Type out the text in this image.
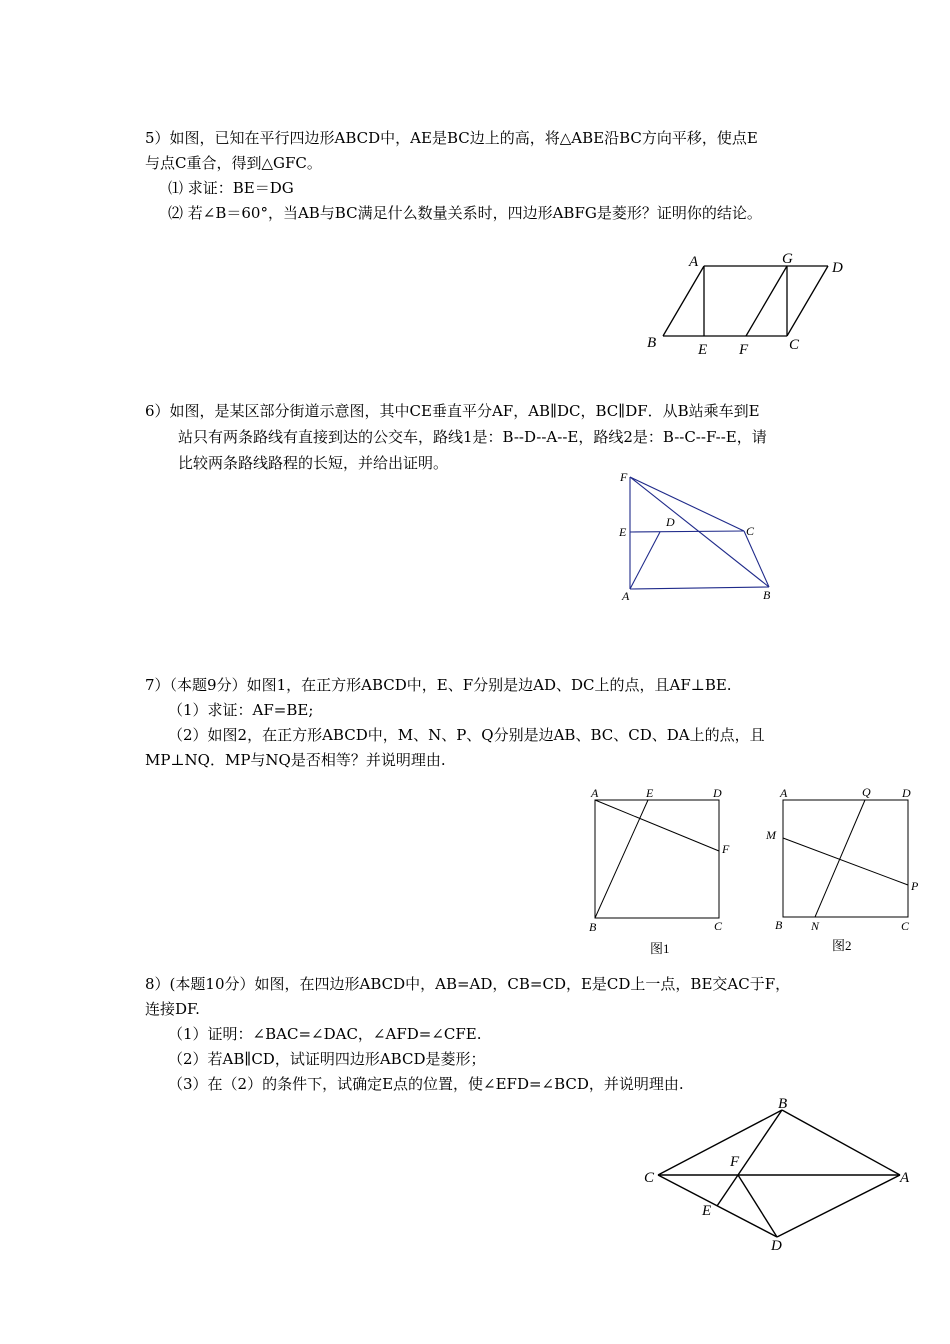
5）如图，已知在平行四边形ABCD中，AE是BC边上的高，将△ABE沿BC方向平移，使点E
与点C重合，得到△GFC。
⑴ 求证：BE＝DG
⑵ 若∠B＝60°，当AB与BC满足什么数量关系时，四边形ABFG是菱形？证明你的结论。
A	G
D
B	E F	C
6）如图，是某区部分街道示意图，其中CE垂直平分AF，AB∥DC，BC∥DF．从B站乘车到E
站只有两条路线有直接到达的公交车，路线1是：B--D--A--E，路线2是：B--C--F--E，请
比较两条路线路程的长短，并给出证明。
F
D
C
E
A	B
7）（本题9分）如图1，在正方形ABCD中，E、F分别是边AD、DC上的点，且AF⊥BE.
（1）求证：AF=BE;
（2）如图2，在正方形ABCD中，M、N、P、Q分别是边AB、BC、CD、DA上的点，且
MP⊥NQ．MP与NQ是否相等？并说明理由.
A	E	D
F
B	C
图1
A	Q	D
M
P
B N	C
图2
8）(本题10分）如图，在四边形ABCD中，AB=AD，CB=CD，E是CD上一点，BE交AC于F，
连接DF.
（1）证明：∠BAC=∠DAC，∠AFD=∠CFE.
（2）若AB∥CD，试证明四边形ABCD是菱形；
（3）在（2）的条件下，试确定E点的位置，使∠EFD=∠BCD，并说明理由.
B
F
C	A
E
D
